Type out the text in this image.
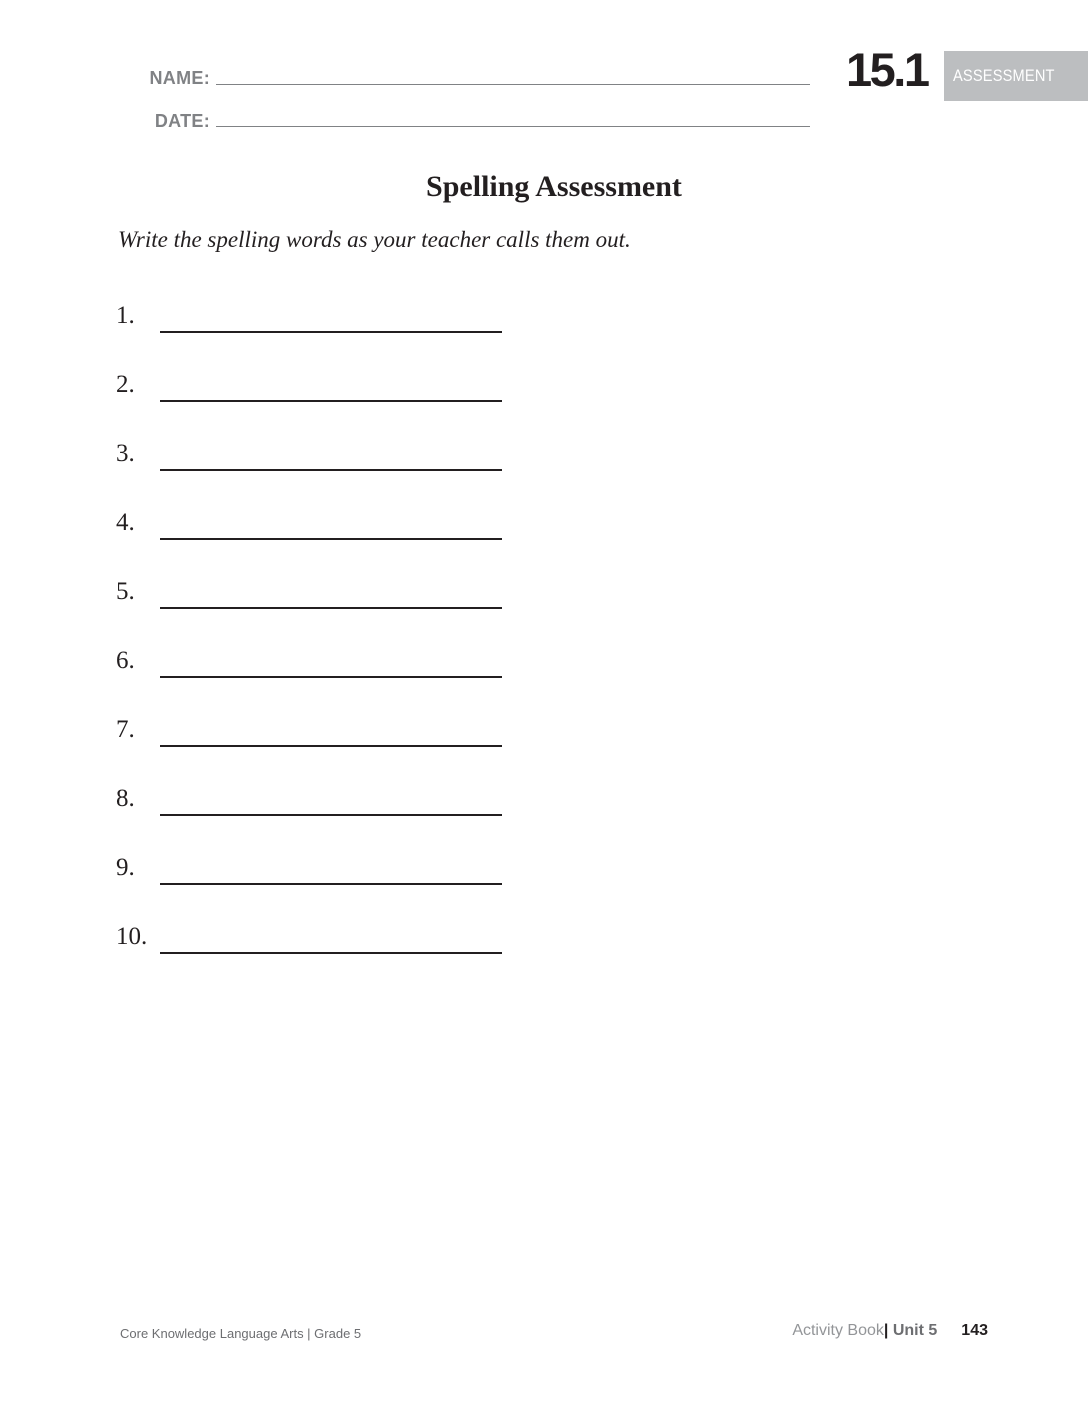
NAME:
DATE:
15.1 ASSESSMENT
Spelling Assessment

Write the spelling words as your teacher calls them out.

1.
2.
3.
4.
5.
6.
7.
8.
9.
10.
Core Knowledge Language Arts | Grade 5	Activity Book| Unit 5 143
